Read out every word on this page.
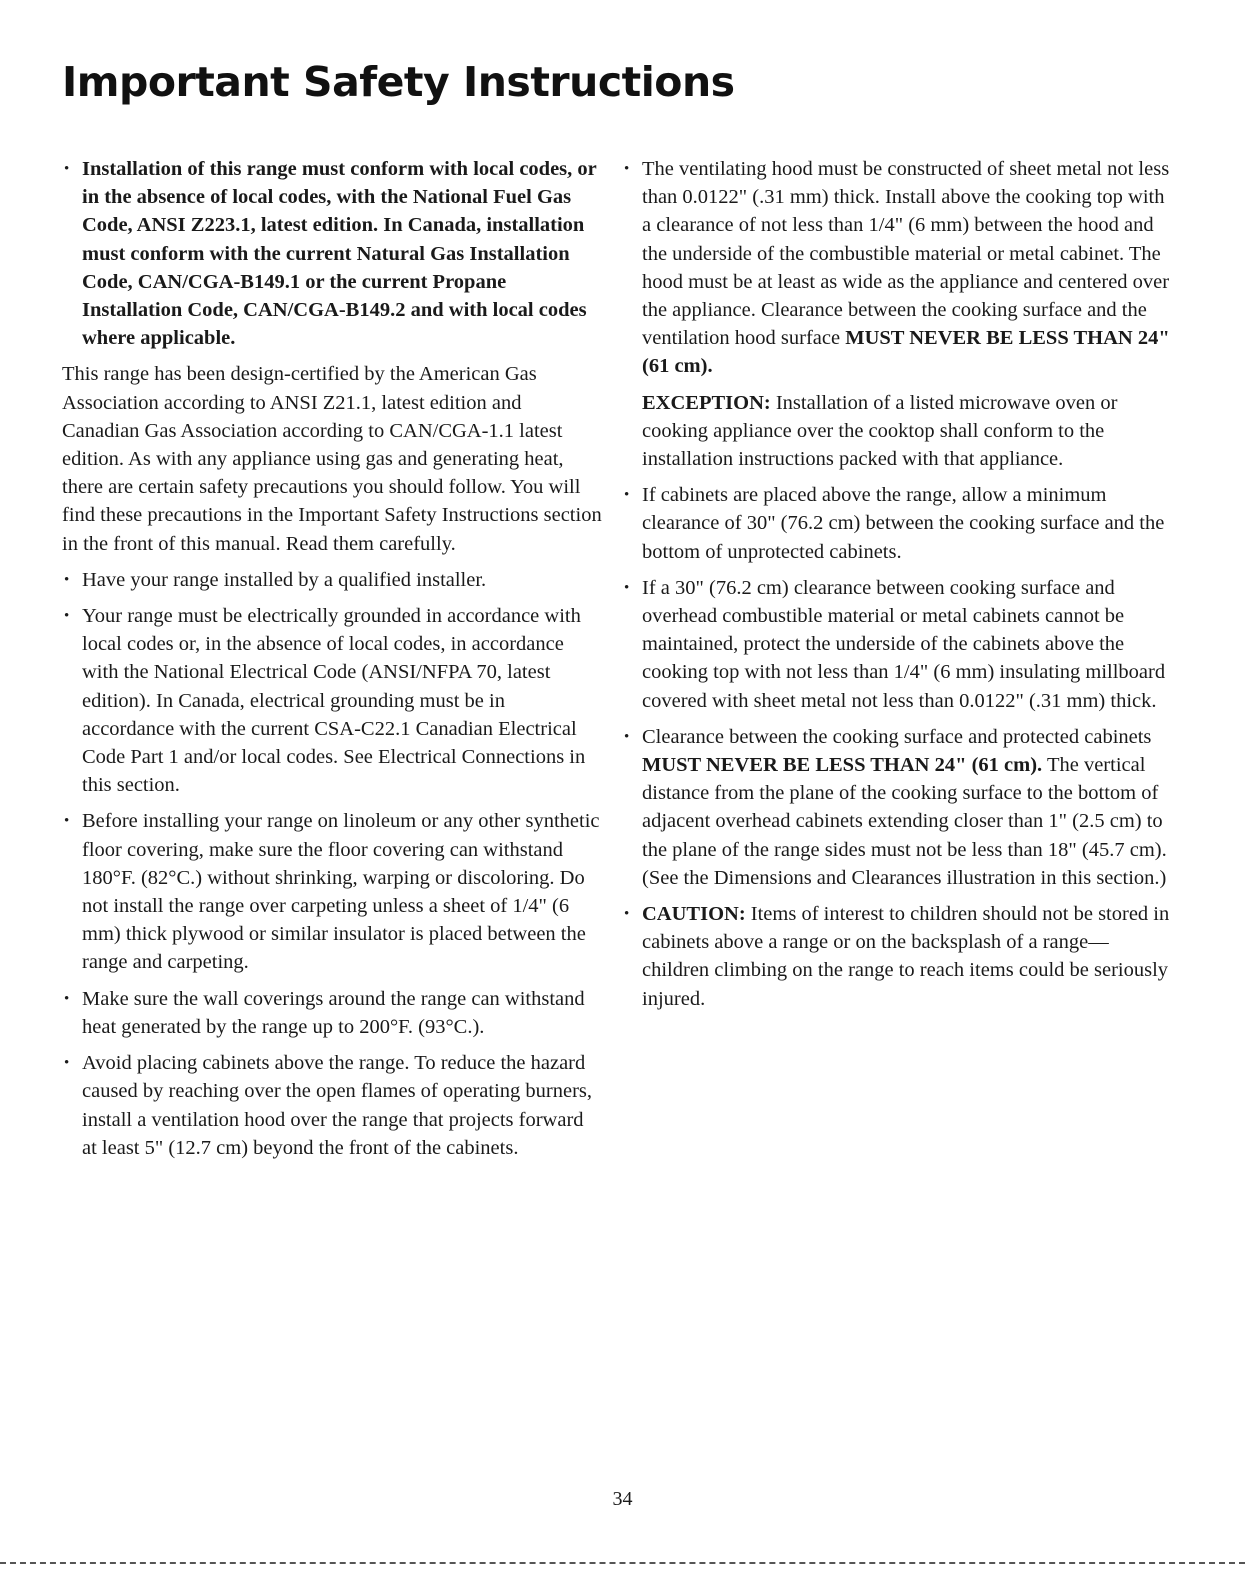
Important Safety Instructions

• Installation of this range must conform with local codes, or in the absence of local codes, with the National Fuel Gas Code, ANSI Z223.1, latest edition. In Canada, installation must conform with the current Natural Gas Installation Code, CAN/CGA-B149.1 or the current Propane Installation Code, CAN/CGA-B149.2 and with local codes where applicable.

This range has been design-certified by the American Gas Association according to ANSI Z21.1, latest edition and Canadian Gas Association according to CAN/CGA-1.1 latest edition. As with any appliance using gas and generating heat, there are certain safety precautions you should follow. You will find these precautions in the Important Safety Instructions section in the front of this manual. Read them carefully.

• Have your range installed by a qualified installer.

• Your range must be electrically grounded in accordance with local codes or, in the absence of local codes, in accordance with the National Electrical Code (ANSI/NFPA 70, latest edition). In Canada, electrical grounding must be in accordance with the current CSA-C22.1 Canadian Electrical Code Part 1 and/or local codes. See Electrical Connections in this section.

• Before installing your range on linoleum or any other synthetic floor covering, make sure the floor covering can withstand 180°F. (82°C.) without shrinking, warping or discoloring. Do not install the range over carpeting unless a sheet of 1/4" (6 mm) thick plywood or similar insulator is placed between the range and carpeting.

• Make sure the wall coverings around the range can withstand heat generated by the range up to 200°F. (93°C.).

• Avoid placing cabinets above the range. To reduce the hazard caused by reaching over the open flames of operating burners, install a ventilation hood over the range that projects forward at least 5" (12.7 cm) beyond the front of the cabinets.

• The ventilating hood must be constructed of sheet metal not less than 0.0122" (.31 mm) thick. Install above the cooking top with a clearance of not less than 1/4" (6 mm) between the hood and the underside of the combustible material or metal cabinet. The hood must be at least as wide as the appliance and centered over the appliance. Clearance between the cooking surface and the ventilation hood surface MUST NEVER BE LESS THAN 24" (61 cm).

EXCEPTION: Installation of a listed microwave oven or cooking appliance over the cooktop shall conform to the installation instructions packed with that appliance.

• If cabinets are placed above the range, allow a minimum clearance of 30" (76.2 cm) between the cooking surface and the bottom of unprotected cabinets.

• If a 30" (76.2 cm) clearance between cooking surface and overhead combustible material or metal cabinets cannot be maintained, protect the underside of the cabinets above the cooking top with not less than 1/4" (6 mm) insulating millboard covered with sheet metal not less than 0.0122" (.31 mm) thick.

• Clearance between the cooking surface and protected cabinets MUST NEVER BE LESS THAN 24" (61 cm). The vertical distance from the plane of the cooking surface to the bottom of adjacent overhead cabinets extending closer than 1" (2.5 cm) to the plane of the range sides must not be less than 18" (45.7 cm). (See the Dimensions and Clearances illustration in this section.)

• CAUTION: Items of interest to children should not be stored in cabinets above a range or on the backsplash of a range—children climbing on the range to reach items could be seriously injured.

34
